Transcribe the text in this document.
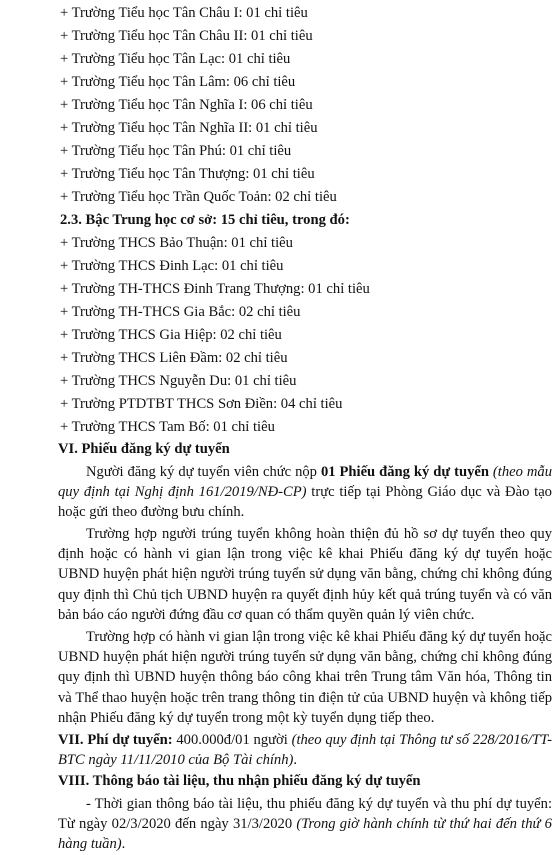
+ Trường Tiểu học Tân Châu I: 01 chỉ tiêu
+ Trường Tiểu học Tân Châu II: 01 chỉ tiêu
+ Trường Tiểu học Tân Lạc: 01 chỉ tiêu
+ Trường Tiểu học Tân Lâm: 06 chỉ tiêu
+ Trường Tiểu học Tân Nghĩa I: 06 chỉ tiêu
+ Trường Tiểu học Tân Nghĩa II: 01 chỉ tiêu
+ Trường Tiểu học Tân Phú: 01 chỉ tiêu
+ Trường Tiểu học Tân Thượng: 01 chỉ tiêu
+ Trường Tiểu học Trần Quốc Toản: 02 chỉ tiêu
2.3. Bậc Trung học cơ sở: 15 chỉ tiêu, trong đó:
+ Trường THCS Bảo Thuận: 01 chỉ tiêu
+ Trường THCS Đinh Lạc: 01 chỉ tiêu
+ Trường TH-THCS Đinh Trang Thượng: 01 chỉ tiêu
+ Trường TH-THCS Gia Bắc: 02 chỉ tiêu
+ Trường THCS Gia Hiệp: 02 chỉ tiêu
+ Trường THCS Liên Đầm: 02 chỉ tiêu
+ Trường THCS Nguyễn Du: 01 chỉ tiêu
+ Trường PTDTBT THCS Sơn Điền: 04 chỉ tiêu
+ Trường THCS Tam Bố: 01 chỉ tiêu
VI. Phiếu đăng ký dự tuyển

Người đăng ký dự tuyển viên chức nộp 01 Phiếu đăng ký dự tuyển (theo mẫu quy định tại Nghị định 161/2019/NĐ-CP) trực tiếp tại Phòng Giáo dục và Đào tạo hoặc gửi theo đường bưu chính.

Trường hợp người trúng tuyển không hoàn thiện đủ hồ sơ dự tuyển theo quy định hoặc có hành vi gian lận trong việc kê khai Phiếu đăng ký dự tuyển hoặc UBND huyện phát hiện người trúng tuyển sử dụng văn bằng, chứng chỉ không đúng quy định thì Chủ tịch UBND huyện ra quyết định hủy kết quả trúng tuyển và có văn bản báo cáo người đứng đầu cơ quan có thẩm quyền quản lý viên chức.

Trường hợp có hành vi gian lận trong việc kê khai Phiếu đăng ký dự tuyển hoặc UBND huyện phát hiện người trúng tuyển sử dụng văn bằng, chứng chỉ không đúng quy định thì UBND huyện thông báo công khai trên Trung tâm Văn hóa, Thông tin và Thể thao huyện hoặc trên trang thông tin điện tử của UBND huyện và không tiếp nhận Phiếu đăng ký dự tuyển trong một kỳ tuyển dụng tiếp theo.

VII. Phí dự tuyển: 400.000đ/01 người (theo quy định tại Thông tư số 228/2016/TT-BTC ngày 11/11/2010 của Bộ Tài chính).

VIII. Thông báo tài liệu, thu nhận phiếu đăng ký dự tuyển

- Thời gian thông báo tài liệu, thu phiếu đăng ký dự tuyển và thu phí dự tuyển: Từ ngày 02/3/2020 đến ngày 31/3/2020 (Trong giờ hành chính từ thứ hai đến thứ 6 hàng tuần).
